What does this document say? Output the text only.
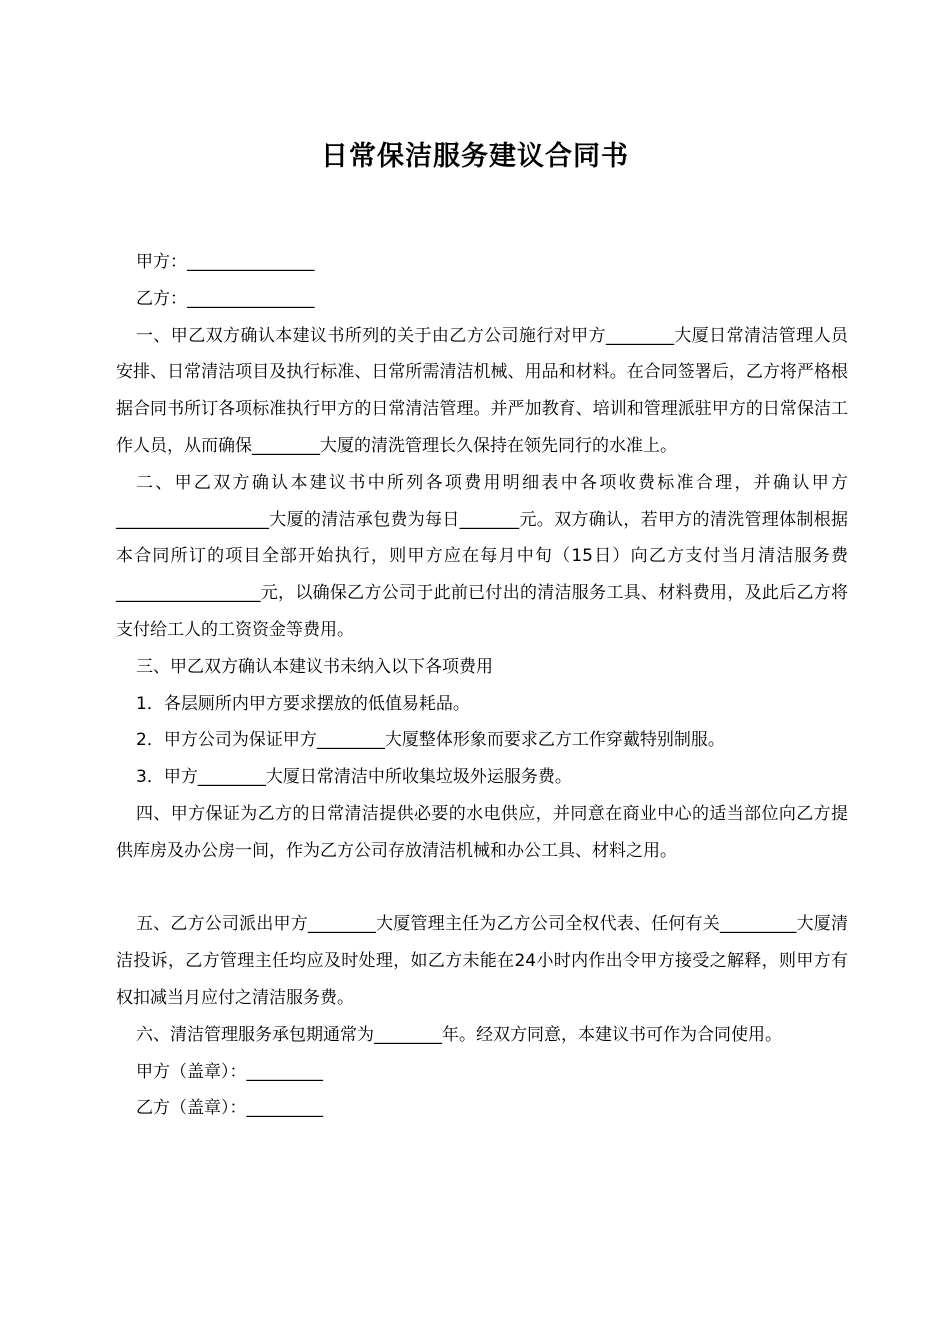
日常保洁服务建议合同书

甲方：_______________

乙方：_______________

一、甲乙双方确认本建议书所列的关于由乙方公司施行对甲方________大厦日常清洁管理人员安排、日常清洁项目及执行标准、日常所需清洁机械、用品和材料。在合同签署后，乙方将严格根据合同书所订各项标准执行甲方的日常清洁管理。并严加教育、培训和管理派驻甲方的日常保洁工作人员，从而确保________大厦的清洗管理长久保持在领先同行的水准上。

二、甲乙双方确认本建议书中所列各项费用明细表中各项收费标准合理，并确认甲方__________________大厦的清洁承包费为每日_______元。双方确认，若甲方的清洗管理体制根据本合同所订的项目全部开始执行，则甲方应在每月中旬（15日）向乙方支付当月清洁服务费_________________元，以确保乙方公司于此前已付出的清洁服务工具、材料费用，及此后乙方将支付给工人的工资资金等费用。

三、甲乙双方确认本建议书未纳入以下各项费用

1．各层厕所内甲方要求摆放的低值易耗品。

2．甲方公司为保证甲方________大厦整体形象而要求乙方工作穿戴特别制服。

3．甲方________大厦日常清洁中所收集垃圾外运服务费。

四、甲方保证为乙方的日常清洁提供必要的水电供应，并同意在商业中心的适当部位向乙方提供库房及办公房一间，作为乙方公司存放清洁机械和办公工具、材料之用。

五、乙方公司派出甲方________大厦管理主任为乙方公司全权代表、任何有关_________大厦清洁投诉，乙方管理主任均应及时处理，如乙方未能在24小时内作出令甲方接受之解释，则甲方有权扣减当月应付之清洁服务费。

六、清洁管理服务承包期通常为________年。经双方同意，本建议书可作为合同使用。

甲方（盖章）：_________

乙方（盖章）：_________
